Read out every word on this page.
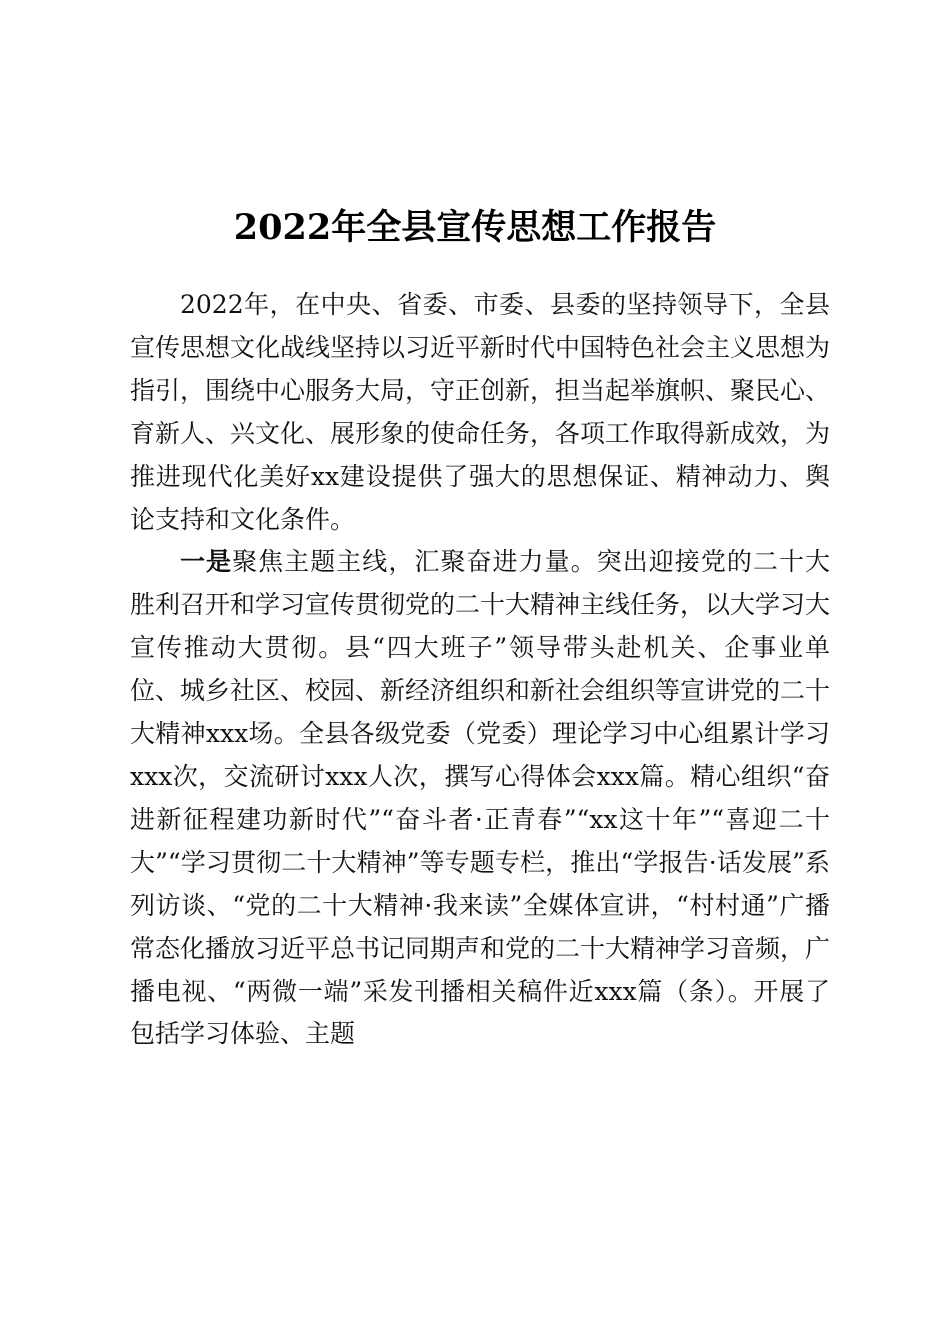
2022年全县宣传思想工作报告

2022年，在中央、省委、市委、县委的坚持领导下，全县宣传思想文化战线坚持以习近平新时代中国特色社会主义思想为指引，围绕中心服务大局，守正创新，担当起举旗帜、聚民心、育新人、兴文化、展形象的使命任务，各项工作取得新成效，为推进现代化美好xx建设提供了强大的思想保证、精神动力、舆论支持和文化条件。

一是聚焦主题主线，汇聚奋进力量。突出迎接党的二十大胜利召开和学习宣传贯彻党的二十大精神主线任务，以大学习大宣传推动大贯彻。县“四大班子”领导带头赴机关、企事业单位、城乡社区、校园、新经济组织和新社会组织等宣讲党的二十大精神xxx场。全县各级党委（党委）理论学习中心组累计学习xxx次，交流研讨xxx人次，撰写心得体会xxx篇。精心组织“奋进新征程建功新时代”“奋斗者·正青春”“xx这十年”“喜迎二十大”“学习贯彻二十大精神”等专题专栏，推出“学报告·话发展”系列访谈、“党的二十大精神·我来读”全媒体宣讲，“村村通”广播常态化播放习近平总书记同期声和党的二十大精神学习音频，广播电视、“两微一端”采发刊播相关稿件近xxx篇（条）。开展了包括学习体验、主题
